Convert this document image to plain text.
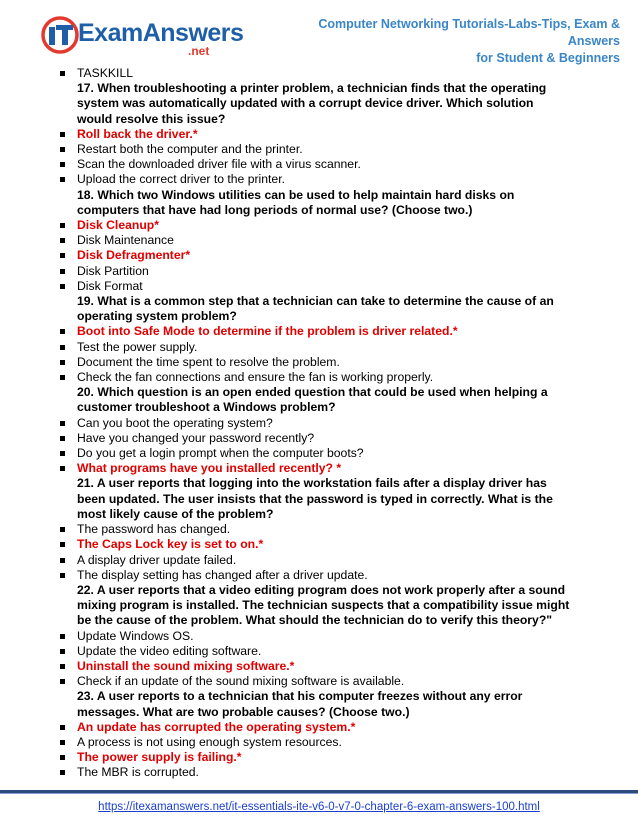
ExamAnswers
.net
Computer Networking Tutorials-Labs-Tips, Exam & Answers
for Student & Beginners
TASKKILL
17. When troubleshooting a printer problem, a technician finds that the operating system was automatically updated with a corrupt device driver. Which solution would resolve this issue?
Roll back the driver.*
Restart both the computer and the printer.
Scan the downloaded driver file with a virus scanner.
Upload the correct driver to the printer.
18. Which two Windows utilities can be used to help maintain hard disks on computers that have had long periods of normal use? (Choose two.)
Disk Cleanup*
Disk Maintenance
Disk Defragmenter*
Disk Partition
Disk Format
19. What is a common step that a technician can take to determine the cause of an operating system problem?
Boot into Safe Mode to determine if the problem is driver related.*
Test the power supply.
Document the time spent to resolve the problem.
Check the fan connections and ensure the fan is working properly.
20. Which question is an open ended question that could be used when helping a customer troubleshoot a Windows problem?
Can you boot the operating system?
Have you changed your password recently?
Do you get a login prompt when the computer boots?
What programs have you installed recently? *
21. A user reports that logging into the workstation fails after a display driver has been updated. The user insists that the password is typed in correctly. What is the most likely cause of the problem?
The password has changed.
The Caps Lock key is set to on.*
A display driver update failed.
The display setting has changed after a driver update.
22. A user reports that a video editing program does not work properly after a sound mixing program is installed. The technician suspects that a compatibility issue might be the cause of the problem. What should the technician do to verify this theory?"
Update Windows OS.
Update the video editing software.
Uninstall the sound mixing software.*
Check if an update of the sound mixing software is available.
23. A user reports to a technician that his computer freezes without any error messages. What are two probable causes? (Choose two.)
An update has corrupted the operating system.*
A process is not using enough system resources.
The power supply is failing.*
The MBR is corrupted.
https://itexamanswers.net/it-essentials-ite-v6-0-v7-0-chapter-6-exam-answers-100.html
